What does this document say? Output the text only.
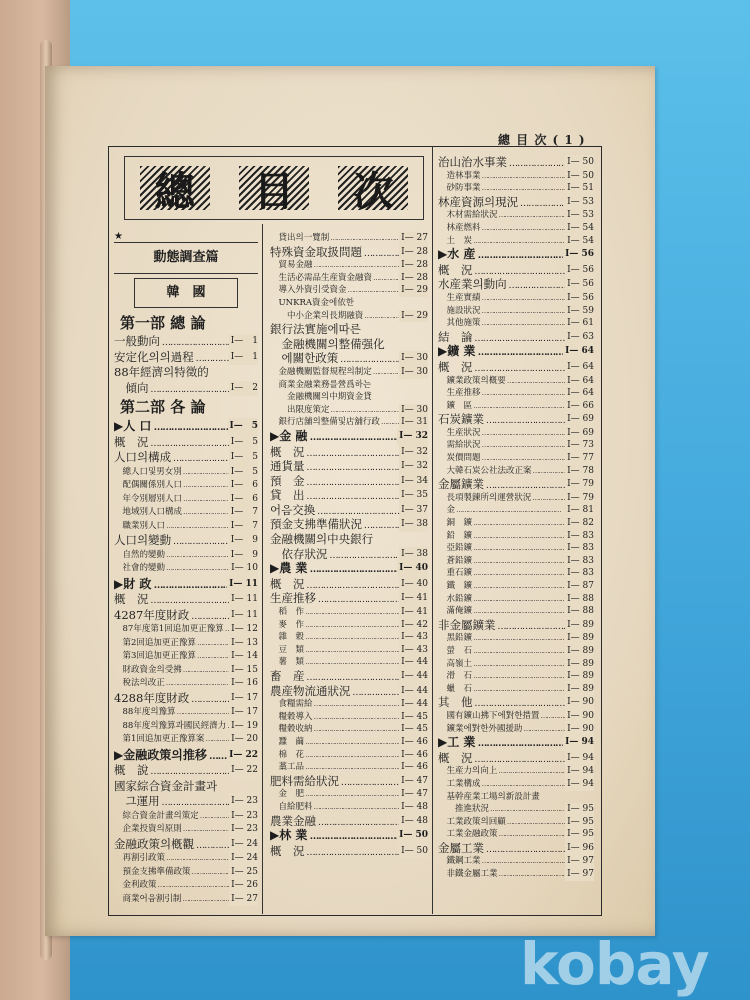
總 目 次 ( 1 )
總 目 次
★
動態調查篇
韓　國
第一部 總 論
一般動向 ………………………………………………	I—　1
安定化의의過程 ………………………………………………	I—　1
88年經濟의特徵的
　傾向 ………………………………………………	I—　2
第二部 各 論
▶人 口 ………………………………………………	I—　5
概　況 ………………………………………………	I—　5
人口의構成 ………………………………………………	I—　5
　總人口및男女別 ………………………………………………	I—　5
　配偶關係別人口 ………………………………………………	I—　6
　年令別層別人口 ………………………………………………	I—　6
　地域別人口構成 ………………………………………………	I—　7
　職業別人口 ………………………………………………	I—　7
人口의變動 ………………………………………………	I—　9
　自然的變動 ………………………………………………	I—　9
　社會的變動 ………………………………………………	I— 10
▶財 政 ………………………………………………	I— 11
概　況 ………………………………………………	I— 11
4287年度財政 ………………………………………………	I— 11
　87年度第1回追加更正豫算 ……………………………………………… I— 12
　第2回追加更正豫算 ………………………………………………	I— 13
　第3回追加更正豫算 ………………………………………………	I— 14
　財政資金의受拂 ………………………………………………	I— 15
　稅法의改正 ………………………………………………	I— 16
4288年度財政 ………………………………………………	I— 17
　88年度의豫算 ………………………………………………	I— 17
　88年度의豫算과國民經濟力 ……………………………………………… I— 19
　第1回追加更正豫算案 ………………………………………………	I— 20
▶金融政策의推移 ……………………………………………… I— 22
概　說 ………………………………………………	I— 22
國家綜合資金計畫과
　그運用 ………………………………………………	I— 23
　綜合資金計畫의策定 ………………………………………………	I— 23
　企業投資의原則 ………………………………………………	I— 23
金融政策의槪觀 ………………………………………………	I— 24
　再割引政策 ………………………………………………	I— 24
　預金支拂準備政策 ………………………………………………	I— 25
　金利政策 ………………………………………………	I— 26
　商業어음割引制 ………………………………………………	I— 27
　貸出의一覽制 ………………………………………………	I— 27
特殊資金取扱問題 ………………………………………………	I— 28
　貿易金融 ………………………………………………	I— 28
　生活必需品生産資金融資 ………………………………………………	I— 28
　導入外資引受資金 ………………………………………………	I— 29
　UNKRA資金에依한
　　中小企業의長期融資 ………………………………………………	I— 29
銀行法實施에따른
　金融機關의整備强化
　에關한政策 ………………………………………………	I— 30
　金融機關監督規程의制定 ………………………………………………	I— 30
　商業金融業務를營爲하는
　　金融機關의中期資金貸
　　出限度策定 ………………………………………………	I— 30
　銀行店舖의整備및店舖行政 ……………………………………………… I— 31
▶金 融 ………………………………………………	I— 32
概　況 ………………………………………………	I— 32
通貨量 ………………………………………………	I— 32
預　金 ………………………………………………	I— 34
貸　出 ………………………………………………	I— 35
어음交換 ………………………………………………	I— 37
預金支拂準備狀況 ………………………………………………	I— 38
金融機關의中央銀行
　依存狀況 ………………………………………………	I— 38
▶農 業 ………………………………………………	I— 40
概　況 ………………………………………………	I— 40
生産推移 ………………………………………………	I— 41
　稻　作 ………………………………………………	I— 41
　麥　作 ………………………………………………	I— 42
　雜　穀 ………………………………………………	I— 43
　豆　類 ………………………………………………	I— 43
　薯　類 ………………………………………………	I— 44
畜　産 ………………………………………………	I— 44
農産物流通狀況 ………………………………………………	I— 44
　食糧需給 ………………………………………………	I— 44
　糧穀導入 ………………………………………………	I— 45
　糧穀收納 ………………………………………………	I— 45
　蠶　繭 ………………………………………………	I— 46
　棉　花 ………………………………………………	I— 46
　藁工品 ………………………………………………	I— 46
肥料需給狀況 ………………………………………………	I— 47
　金　肥 ………………………………………………	I— 47
　自給肥料 ………………………………………………	I— 48
農業金融 ………………………………………………	I— 48
▶林 業 ………………………………………………	I— 50
概　況 ………………………………………………	I— 50
治山治水事業 ………………………………………………	I— 50
　造林事業 ………………………………………………	I— 50
　砂防事業 ………………………………………………	I— 51
林産資源의現況 ………………………………………………	I— 53
　木材需給狀況 ………………………………………………	I— 53
　林産燃料 ………………………………………………	I— 54
　土　炭 ………………………………………………	I— 54
▶水 産 ………………………………………………	I— 56
概　況 ………………………………………………	I— 56
水産業의動向 ………………………………………………	I— 56
　生産實績 ………………………………………………	I— 56
　施設狀況 ………………………………………………	I— 59
　其他施策 ………………………………………………	I— 61
結　論 ………………………………………………	I— 63
▶鑛 業 ………………………………………………	I— 64
概　況 ………………………………………………	I— 64
　鑛業政策의槪要 ………………………………………………	I— 64
　生産推移 ………………………………………………	I— 64
　鑛　區 ………………………………………………	I— 66
石炭鑛業 ………………………………………………	I— 69
　生産狀況 ………………………………………………	I— 69
　需給狀況 ………………………………………………	I— 73
　炭價問題 ………………………………………………	I— 77
　大韓石炭公社法改正案 ………………………………………………	I— 78
金屬鑛業 ………………………………………………	I— 79
　長項製鍊所의運營狀況 ………………………………………………	I— 79
　金 ………………………………………………	I— 81
　銅　鑛 ………………………………………………	I— 82
　鉛　鑛 ………………………………………………	I— 83
　亞鉛鑛 ………………………………………………	I— 83
　蒼鉛鑛 ………………………………………………	I— 83
　重石鑛 ………………………………………………	I— 83
　鐵　鑛 ………………………………………………	I— 87
　水鉛鑛 ………………………………………………	I— 88
　滿俺鑛 ………………………………………………	I— 88
非金屬鑛業 ………………………………………………	I— 89
　黑鉛鑛 ………………………………………………	I— 89
　螢　石 ………………………………………………	I— 89
　高嶺土 ………………………………………………	I— 89
　滑　石 ………………………………………………	I— 89
　蠟　石 ………………………………………………	I— 89
其　他 ………………………………………………	I— 90
　國有鑛山拂下에對한措置 ………………………………………………	I— 90
　鑛業에對한外國援助 ………………………………………………	I— 90
▶工 業 ………………………………………………	I— 94
概　況 ………………………………………………	I— 94
　生産力의向上 ………………………………………………	I— 94
　工業構成 ………………………………………………	I— 94
　基幹産業工場의新設計畫
　　推進狀況 ………………………………………………	I— 95
　工業政策의回顧 ………………………………………………	I— 95
　工業金融政策 ………………………………………………	I— 95
金屬工業 ………………………………………………	I— 96
　鐵鋼工業 ………………………………………………	I— 97
　非鐵金屬工業 ………………………………………………	I— 97
kobay
